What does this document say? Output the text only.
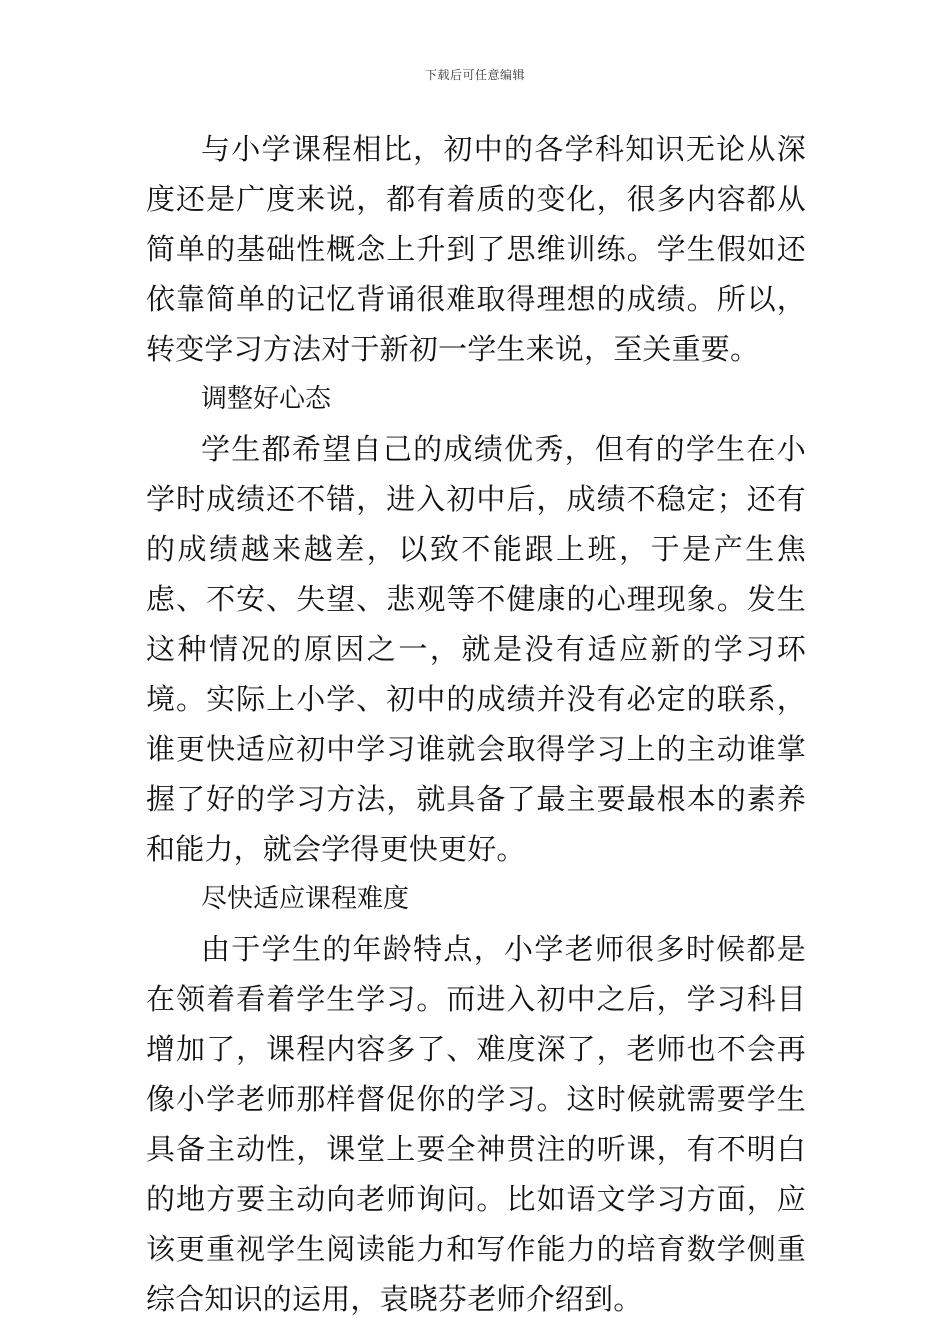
下载后可任意编辑

与小学课程相比，初中的各学科知识无论从深度还是广度来说，都有着质的变化，很多内容都从简单的基础性概念上升到了思维训练。学生假如还依靠简单的记忆背诵很难取得理想的成绩。所以，转变学习方法对于新初一学生来说，至关重要。

调整好心态

学生都希望自己的成绩优秀，但有的学生在小学时成绩还不错，进入初中后，成绩不稳定；还有的成绩越来越差，以致不能跟上班，于是产生焦虑、不安、失望、悲观等不健康的心理现象。发生这种情况的原因之一，就是没有适应新的学习环境。实际上小学、初中的成绩并没有必定的联系，谁更快适应初中学习谁就会取得学习上的主动谁掌握了好的学习方法，就具备了最主要最根本的素养和能力，就会学得更快更好。

尽快适应课程难度

由于学生的年龄特点，小学老师很多时候都是在领着看着学生学习。而进入初中之后，学习科目增加了，课程内容多了、难度深了，老师也不会再像小学老师那样督促你的学习。这时候就需要学生具备主动性，课堂上要全神贯注的听课，有不明白的地方要主动向老师询问。比如语文学习方面，应该更重视学生阅读能力和写作能力的培育数学侧重综合知识的运用，袁晓芬老师介绍到。
